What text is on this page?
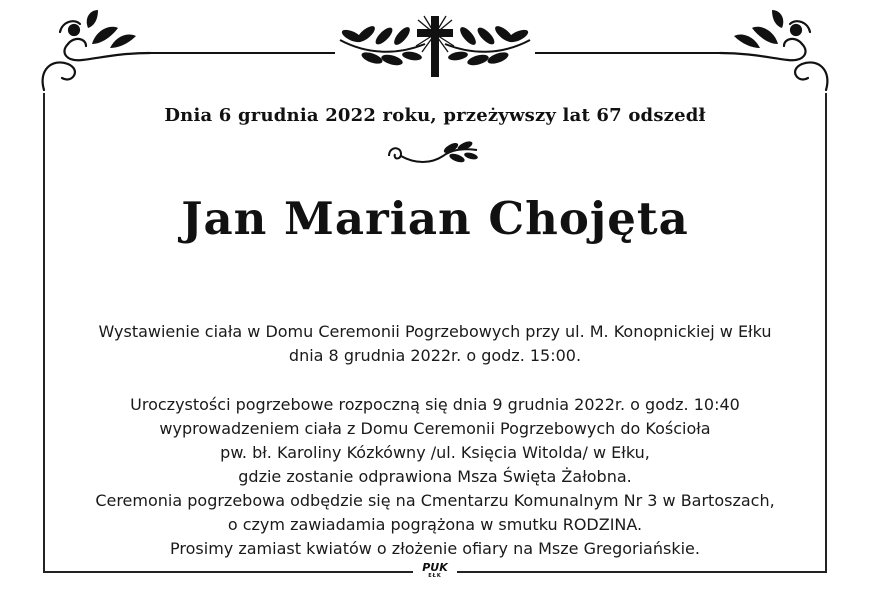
Dnia 6 grudnia 2022 roku, przeżywszy lat 67 odszedł
Jan Marian Chojęta
Wystawienie ciała w Domu Ceremonii Pogrzebowych przy ul. M. Konopnickiej w Ełku
dnia 8 grudnia 2022r. o godz. 15:00.
Uroczystości pogrzebowe rozpoczną się dnia 9 grudnia 2022r. o godz. 10:40
wyprowadzeniem ciała z Domu Ceremonii Pogrzebowych do Kościoła
pw. bł. Karoliny Kózkówny /ul. Księcia Witolda/ w Ełku,
gdzie zostanie odprawiona Msza Święta Żałobna.
Ceremonia pogrzebowa odbędzie się na Cmentarzu Komunalnym Nr 3 w Bartoszach,
o czym zawiadamia pogrążona w smutku RODZINA.
Prosimy zamiast kwiatów o złożenie ofiary na Msze Gregoriańskie.
PUK
EŁK
